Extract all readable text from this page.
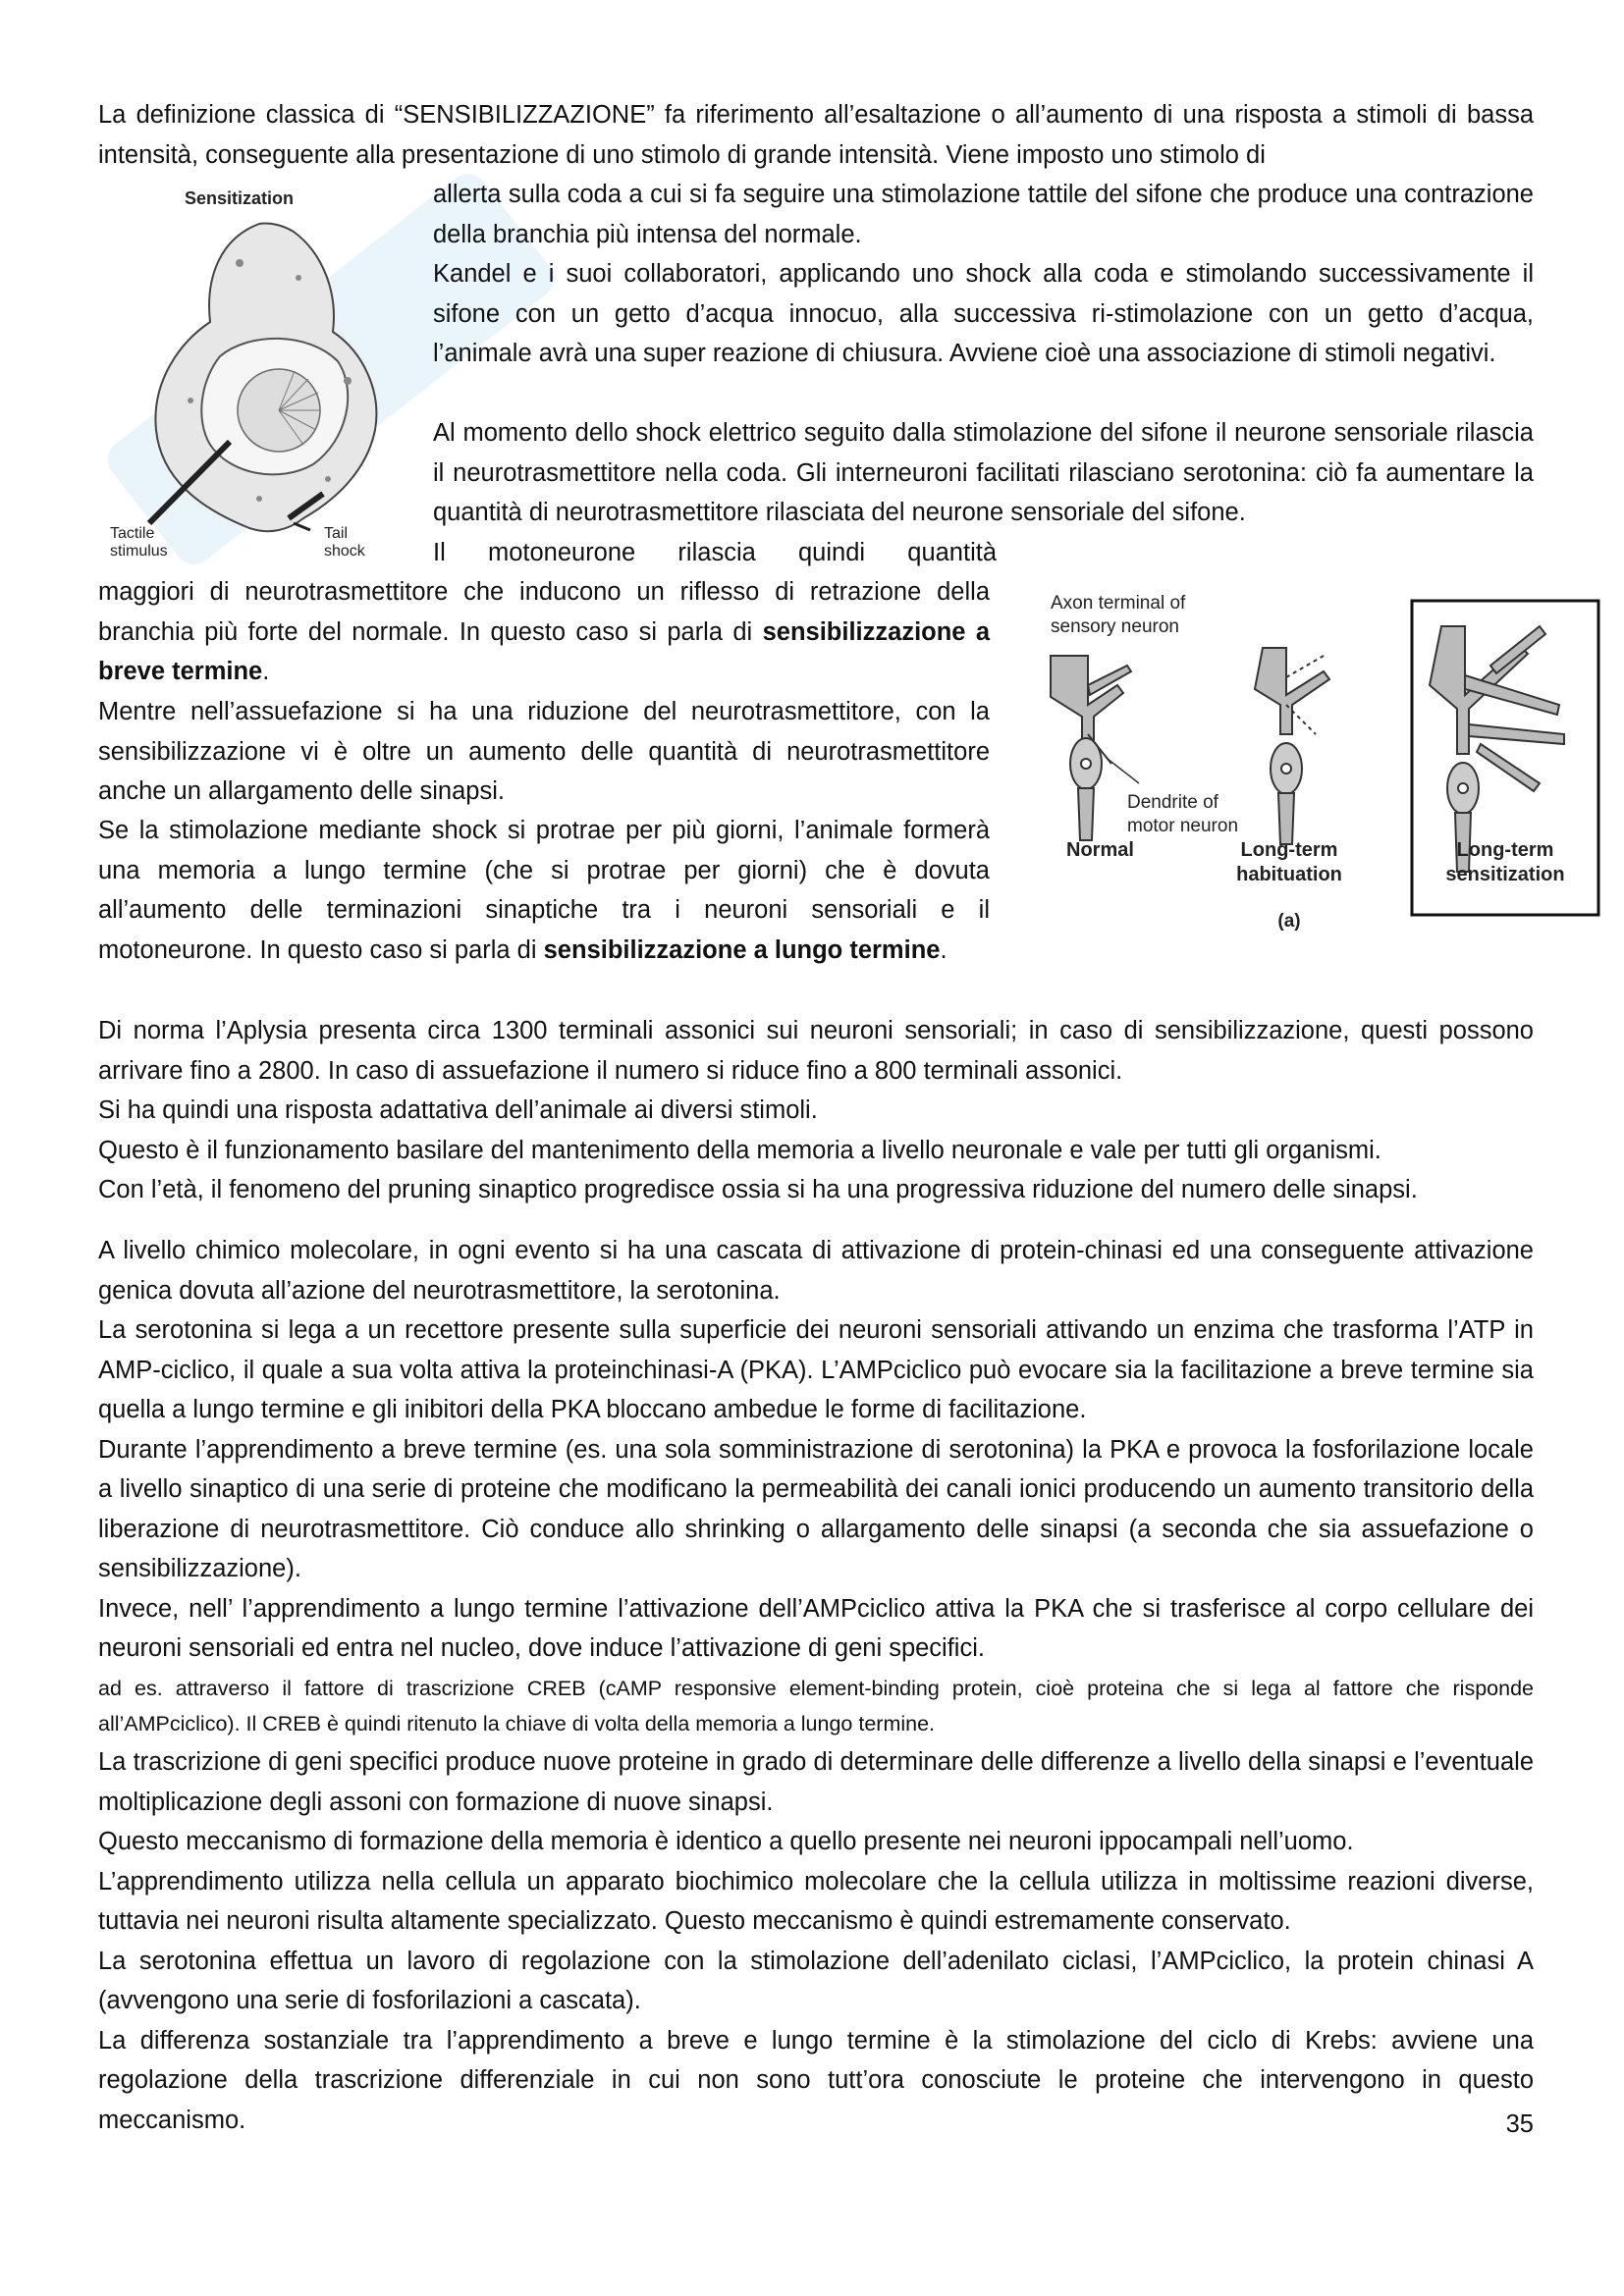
La definizione classica di “SENSIBILIZZAZIONE” fa riferimento all’esaltazione o all’aumento di una risposta a stimoli di bassa intensità, conseguente alla presentazione di uno stimolo di grande intensità. Viene imposto uno stimolo di

allerta sulla coda a cui si fa seguire una stimolazione tattile del sifone che produce una contrazione della branchia più intensa del normale.

Sensitization
Tactile stimulus
Tail shock

Kandel e i suoi collaboratori, applicando uno shock alla coda e stimolando successivamente il sifone con un getto d’acqua innocuo, alla successiva ri-stimolazione con un getto d’acqua, l’animale avrà una super reazione di chiusura. Avviene cioè una associazione di stimoli negativi.

Al momento dello shock elettrico seguito dalla stimolazione del sifone il neurone sensoriale rilascia il neurotrasmettitore nella coda. Gli interneuroni facilitati rilasciano serotonina: ciò fa aumentare la quantità di neurotrasmettitore rilasciata del neurone sensoriale del sifone.

Il motoneurone rilascia quindi quantità

maggiori di neurotrasmettitore che inducono un riflesso di retrazione della branchia più forte del normale. In questo caso si parla di sensibilizzazione a breve termine.

Mentre nell’assuefazione si ha una riduzione del neurotrasmettitore, con la sensibilizzazione vi è oltre un aumento delle quantità di neurotrasmettitore anche un allargamento delle sinapsi.

Se la stimolazione mediante shock si protrae per più giorni, l’animale formerà una memoria a lungo termine (che si protrae per giorni) che è dovuta all’aumento delle terminazioni sinaptiche tra i neuroni sensoriali e il motoneurone. In questo caso si parla di sensibilizzazione a lungo termine.

Axon terminal of sensory neuron
Dendrite of motor neuron
Normal	Long-term habituation
Long-term sensitization
(a)
Di norma l’Aplysia presenta circa 1300 terminali assonici sui neuroni sensoriali; in caso di sensibilizzazione, questi possono arrivare fino a 2800. In caso di assuefazione il numero si riduce fino a 800 terminali assonici.
Si ha quindi una risposta adattativa dell’animale ai diversi stimoli.
Questo è il funzionamento basilare del mantenimento della memoria a livello neuronale e vale per tutti gli organismi.
Con l’età, il fenomeno del pruning sinaptico progredisce ossia si ha una progressiva riduzione del numero delle sinapsi.
A livello chimico molecolare, in ogni evento si ha una cascata di attivazione di protein-chinasi ed una conseguente attivazione genica dovuta all’azione del neurotrasmettitore, la serotonina.
La serotonina si lega a un recettore presente sulla superficie dei neuroni sensoriali attivando un enzima che trasforma l’ATP in AMP-ciclico, il quale a sua volta attiva la proteinchinasi-A (PKA). L’AMPciclico può evocare sia la facilitazione a breve termine sia quella a lungo termine e gli inibitori della PKA bloccano ambedue le forme di facilitazione.
Durante l’apprendimento a breve termine (es. una sola somministrazione di serotonina) la PKA e provoca la fosforilazione locale a livello sinaptico di una serie di proteine che modificano la permeabilità dei canali ionici producendo un aumento transitorio della liberazione di neurotrasmettitore. Ciò conduce allo shrinking o allargamento delle sinapsi (a seconda che sia assuefazione o sensibilizzazione).
Invece, nell’ l’apprendimento a lungo termine l’attivazione dell’AMPciclico attiva la PKA che si trasferisce al corpo cellulare dei neuroni sensoriali ed entra nel nucleo, dove induce l’attivazione di geni specifici.

ad es. attraverso il fattore di trascrizione CREB (cAMP responsive element-binding protein, cioè proteina che si lega al fattore che risponde all’AMPciclico). Il CREB è quindi ritenuto la chiave di volta della memoria a lungo termine.

La trascrizione di geni specifici produce nuove proteine in grado di determinare delle differenze a livello della sinapsi e l’eventuale moltiplicazione degli assoni con formazione di nuove sinapsi.
Questo meccanismo di formazione della memoria è identico a quello presente nei neuroni ippocampali nell’uomo.
L’apprendimento utilizza nella cellula un apparato biochimico molecolare che la cellula utilizza in moltissime reazioni diverse, tuttavia nei neuroni risulta altamente specializzato. Questo meccanismo è quindi estremamente conservato.
La serotonina effettua un lavoro di regolazione con la stimolazione dell’adenilato ciclasi, l’AMPciclico, la protein chinasi A (avvengono una serie di fosforilazioni a cascata).
La differenza sostanziale tra l’apprendimento a breve e lungo termine è la stimolazione del ciclo di Krebs: avviene una regolazione della trascrizione differenziale in cui non sono tutt’ora conosciute le proteine che intervengono in questo meccanismo.	35
